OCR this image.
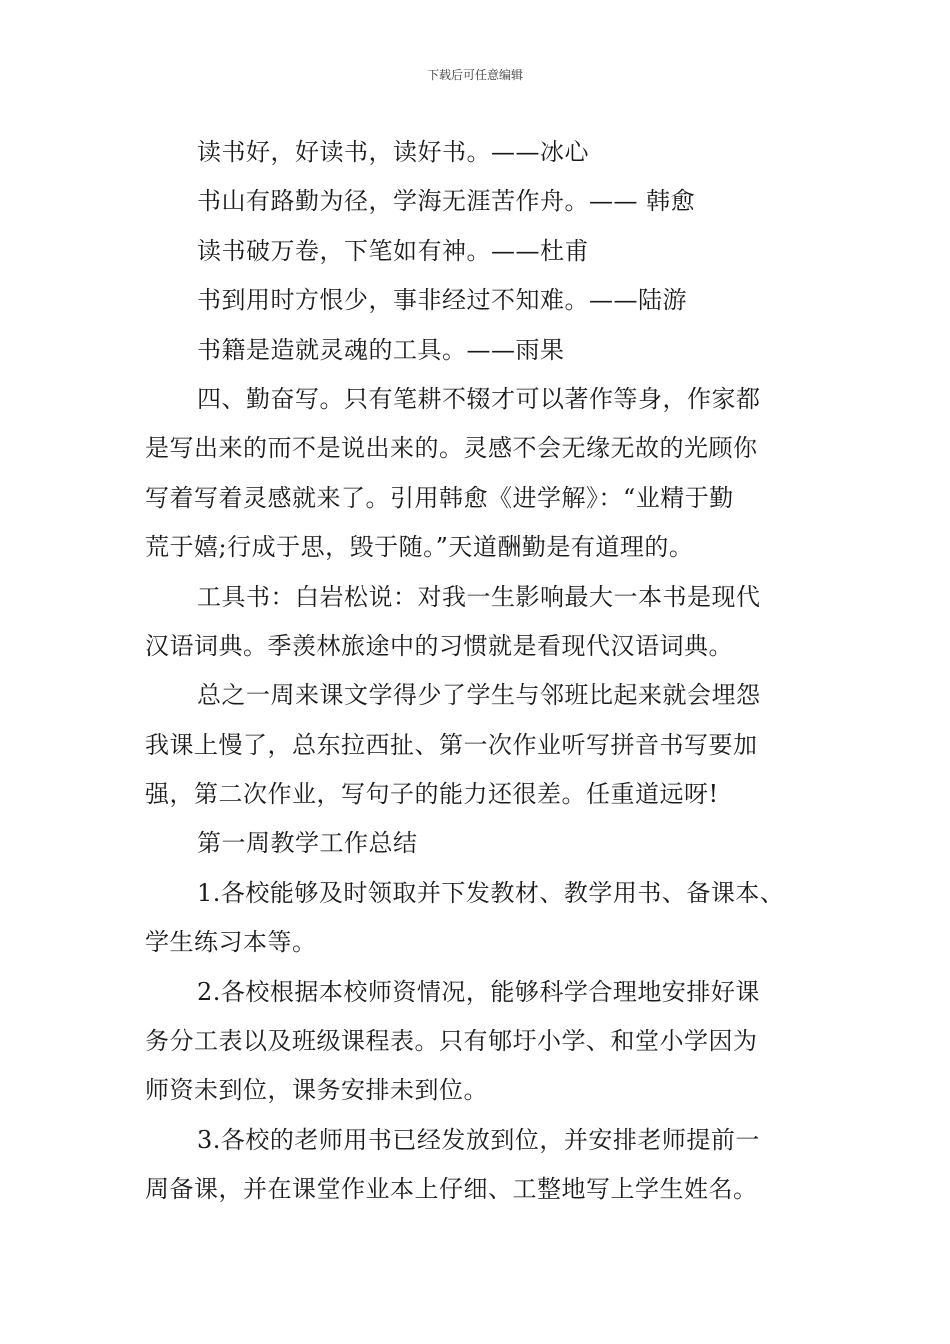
下载后可任意编辑
读书好，好读书，读好书。——冰心
书山有路勤为径，学海无涯苦作舟。—— 韩愈
读书破万卷，下笔如有神。——杜甫
书到用时方恨少，事非经过不知难。——陆游
书籍是造就灵魂的工具。——雨果
四、勤奋写。只有笔耕不辍才可以著作等身，作家都
是写出来的而不是说出来的。灵感不会无缘无故的光顾你
写着写着灵感就来了。引用韩愈《进学解》：“业精于勤
荒于嬉;行成于思，毁于随。”天道酬勤是有道理的。
工具书：白岩松说：对我一生影响最大一本书是现代
汉语词典。季羡林旅途中的习惯就是看现代汉语词典。
总之一周来课文学得少了学生与邻班比起来就会埋怨
我课上慢了，总东拉西扯、第一次作业听写拼音书写要加
强，第二次作业，写句子的能力还很差。任重道远呀!
第一周教学工作总结
1.各校能够及时领取并下发教材、教学用书、备课本、
学生练习本等。
2.各校根据本校师资情况，能够科学合理地安排好课
务分工表以及班级课程表。只有郇圩小学、和堂小学因为
师资未到位，课务安排未到位。
3.各校的老师用书已经发放到位，并安排老师提前一
周备课，并在课堂作业本上仔细、工整地写上学生姓名。
